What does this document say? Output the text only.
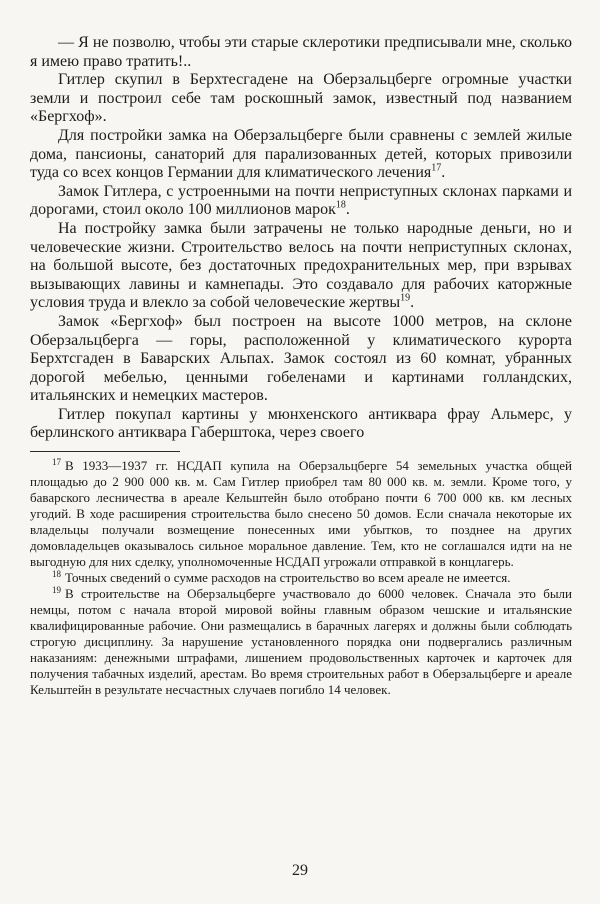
— Я не позволю, чтобы эти старые склеротики предписывали мне, сколько я имею право тратить!..

Гитлер скупил в Берхтесгадене на Оберзальцберге огромные участки земли и построил себе там роскошный замок, известный под названием «Бергхоф».

Для постройки замка на Оберзальцберге были сравнены с землей жилые дома, пансионы, санаторий для парализованных детей, которых привозили туда со всех концов Германии для климатического лечения$^{17}$.

Замок Гитлера, с устроенными на почти неприступных склонах парками и дорогами, стоил около 100 миллионов марок$^{18}$.

На постройку замка были затрачены не только народные деньги, но и человеческие жизни. Строительство велось на почти неприступных склонах, на большой высоте, без достаточных предохранительных мер, при взрывах вызывающих лавины и камнепады. Это создавало для рабочих каторжные условия труда и влекло за собой человеческие жертвы$^{19}$.

Замок «Бергхоф» был построен на высоте 1000 метров, на склоне Оберзальцберга — горы, расположенной у климатического курорта Берхтсгаден в Баварских Альпах. Замок состоял из 60 комнат, убранных дорогой мебелью, ценными гобеленами и картинами голландских, итальянских и немецких мастеров.

Гитлер покупал картины у мюнхенского антиквара фрау Альмерс, у берлинского антиквара Габерштока, через своего

$^{17}$ В 1933—1937 гг. НСДАП купила на Оберзальцберге 54 земельных участка общей площадью до 2 900 000 кв. м. Сам Гитлер приобрел там 80 000 кв. м. земли. Кроме того, у баварского лесничества в ареале Кельштейн было отобрано почти 6 700 000 кв. км лесных угодий. В ходе расширения строительства было снесено 50 домов. Если сначала некоторые их владельцы получали возмещение понесенных ими убытков, то позднее на других домовладельцев оказывалось сильное моральное давление. Тем, кто не соглашался идти на не выгодную для них сделку, уполномоченные НСДАП угрожали отправкой в концлагерь.

$^{18}$ Точных сведений о сумме расходов на строительство во всем ареале не имеется.

$^{19}$ В строительстве на Оберзальцберге участвовало до 6000 человек. Сначала это были немцы, потом с начала второй мировой войны главным образом чешские и итальянские квалифицированные рабочие. Они размещались в барачных лагерях и должны были соблюдать строгую дисциплину. За нарушение установленного порядка они подвергались различным наказаниям: денежными штрафами, лишением продовольственных карточек и карточек для получения табачных изделий, арестам. Во время строительных работ в Оберзальцберге и ареале Кельштейн в результате несчастных случаев погибло 14 человек.

29
